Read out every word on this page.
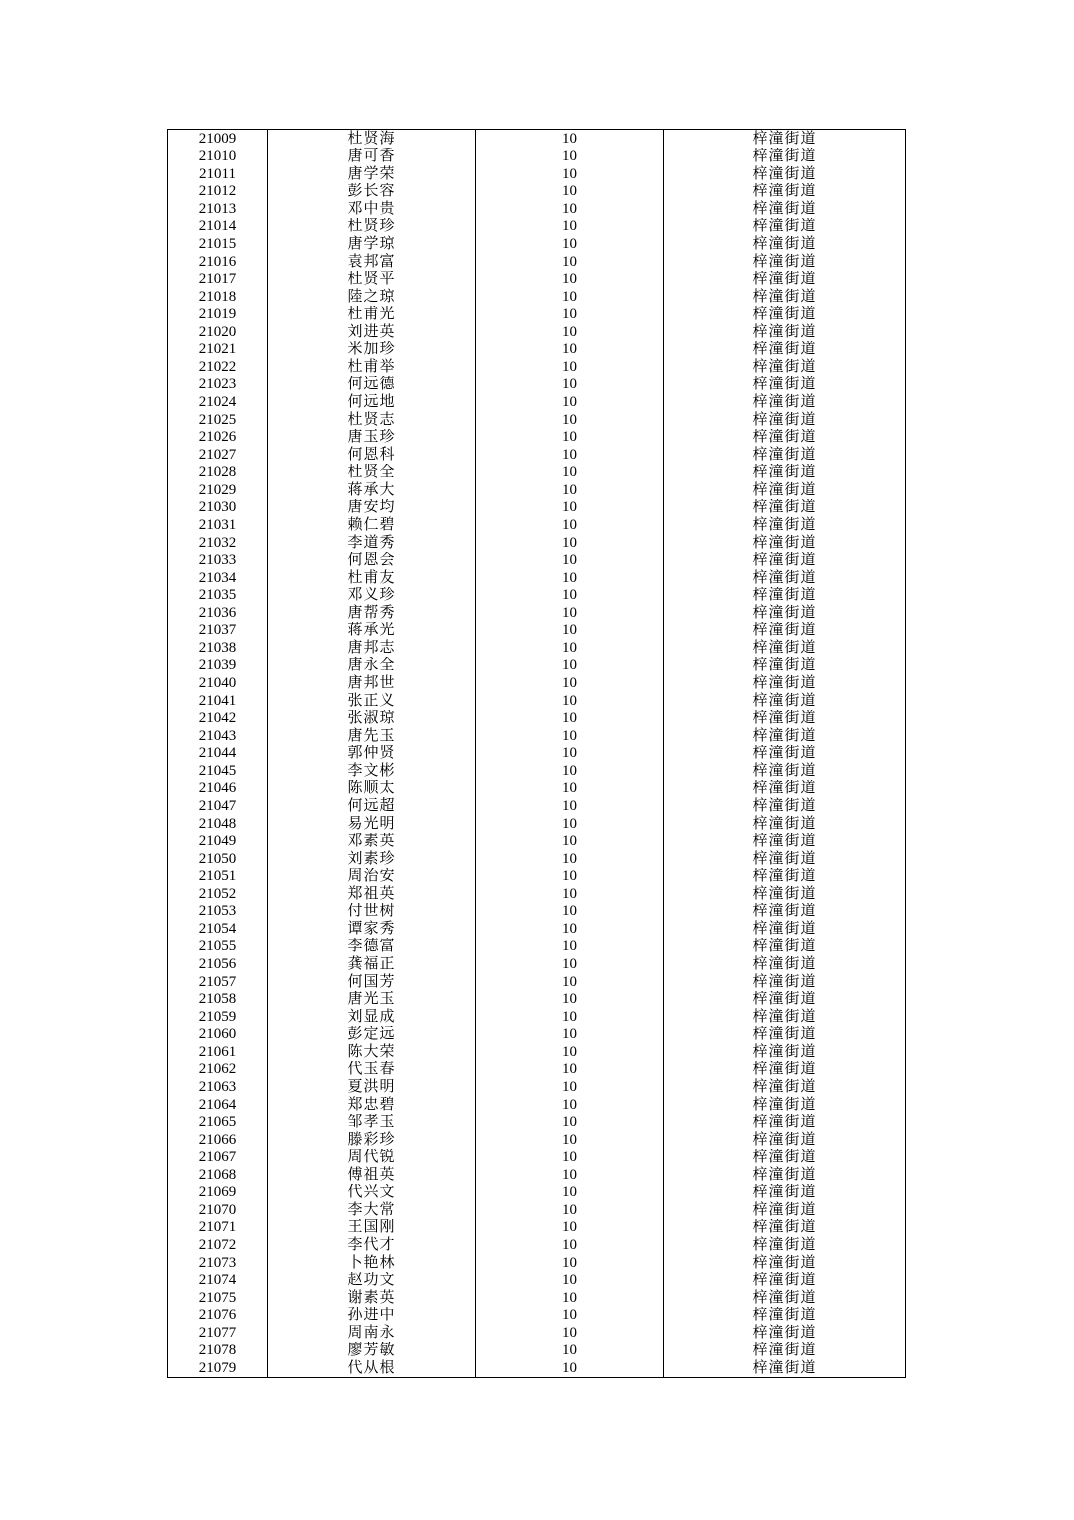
21009	杜贤海	10	梓潼街道
21010	唐可香	10	梓潼街道
21011	唐学荣	10	梓潼街道
21012	彭长容	10	梓潼街道
21013	邓中贵	10	梓潼街道
21014	杜贤珍	10	梓潼街道
21015	唐学琼	10	梓潼街道
21016	袁邦富	10	梓潼街道
21017	杜贤平	10	梓潼街道
21018	陸之琼	10	梓潼街道
21019	杜甫光	10	梓潼街道
21020	刘进英	10	梓潼街道
21021	米加珍	10	梓潼街道
21022	杜甫举	10	梓潼街道
21023	何远德	10	梓潼街道
21024	何远地	10	梓潼街道
21025	杜贤志	10	梓潼街道
21026	唐玉珍	10	梓潼街道
21027	何恩科	10	梓潼街道
21028	杜贤全	10	梓潼街道
21029	蒋承大	10	梓潼街道
21030	唐安均	10	梓潼街道
21031	赖仁碧	10	梓潼街道
21032	李道秀	10	梓潼街道
21033	何恩会	10	梓潼街道
21034	杜甫友	10	梓潼街道
21035	邓义珍	10	梓潼街道
21036	唐帮秀	10	梓潼街道
21037	蒋承光	10	梓潼街道
21038	唐邦志	10	梓潼街道
21039	唐永全	10	梓潼街道
21040	唐邦世	10	梓潼街道
21041	张正义	10	梓潼街道
21042	张淑琼	10	梓潼街道
21043	唐先玉	10	梓潼街道
21044	郭仲贤	10	梓潼街道
21045	李文彬	10	梓潼街道
21046	陈顺太	10	梓潼街道
21047	何远超	10	梓潼街道
21048	易光明	10	梓潼街道
21049	邓素英	10	梓潼街道
21050	刘素珍	10	梓潼街道
21051	周治安	10	梓潼街道
21052	郑祖英	10	梓潼街道
21053	付世树	10	梓潼街道
21054	谭家秀	10	梓潼街道
21055	李德富	10	梓潼街道
21056	龚福正	10	梓潼街道
21057	何国芳	10	梓潼街道
21058	唐光玉	10	梓潼街道
21059	刘显成	10	梓潼街道
21060	彭定远	10	梓潼街道
21061	陈大荣	10	梓潼街道
21062	代玉春	10	梓潼街道
21063	夏洪明	10	梓潼街道
21064	郑忠碧	10	梓潼街道
21065	邹孝玉	10	梓潼街道
21066	滕彩珍	10	梓潼街道
21067	周代锐	10	梓潼街道
21068	傅祖英	10	梓潼街道
21069	代兴文	10	梓潼街道
21070	李大常	10	梓潼街道
21071	王国刚	10	梓潼街道
21072	李代才	10	梓潼街道
21073	卜艳林	10	梓潼街道
21074	赵功文	10	梓潼街道
21075	谢素英	10	梓潼街道
21076	孙进中	10	梓潼街道
21077	周南永	10	梓潼街道
21078	廖芳敏	10	梓潼街道
21079	代从根	10	梓潼街道
